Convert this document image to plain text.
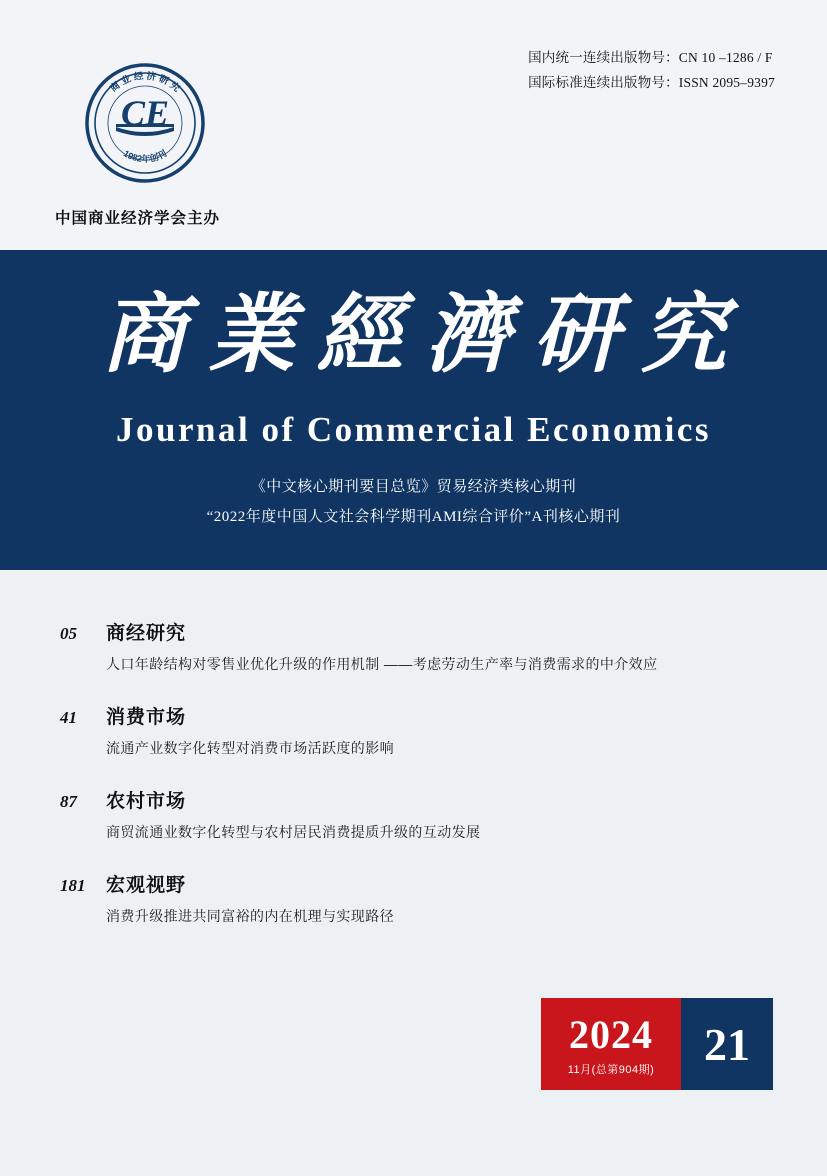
国内统一连续出版物号：CN 10 –1286 / F
国际标准连续出版物号：ISSN 2095–9397
CE
商 业 经 济 研 究
1982年创刊
中国商业经济学会主办
商業經濟研究
Journal of Commercial Economics
《中文核心期刊要目总览》贸易经济类核心期刊
“2022年度中国人文社会科学期刊AMI综合评价”A刊核心期刊
05	商经研究
人口年龄结构对零售业优化升级的作用机制 ——考虑劳动生产率与消费需求的中介效应
41	消费市场
流通产业数字化转型对消费市场活跃度的影响
87	农村市场
商贸流通业数字化转型与农村居民消费提质升级的互动发展
181	宏观视野
消费升级推进共同富裕的内在机理与实现路径
2024
11月(总第904期)
21
